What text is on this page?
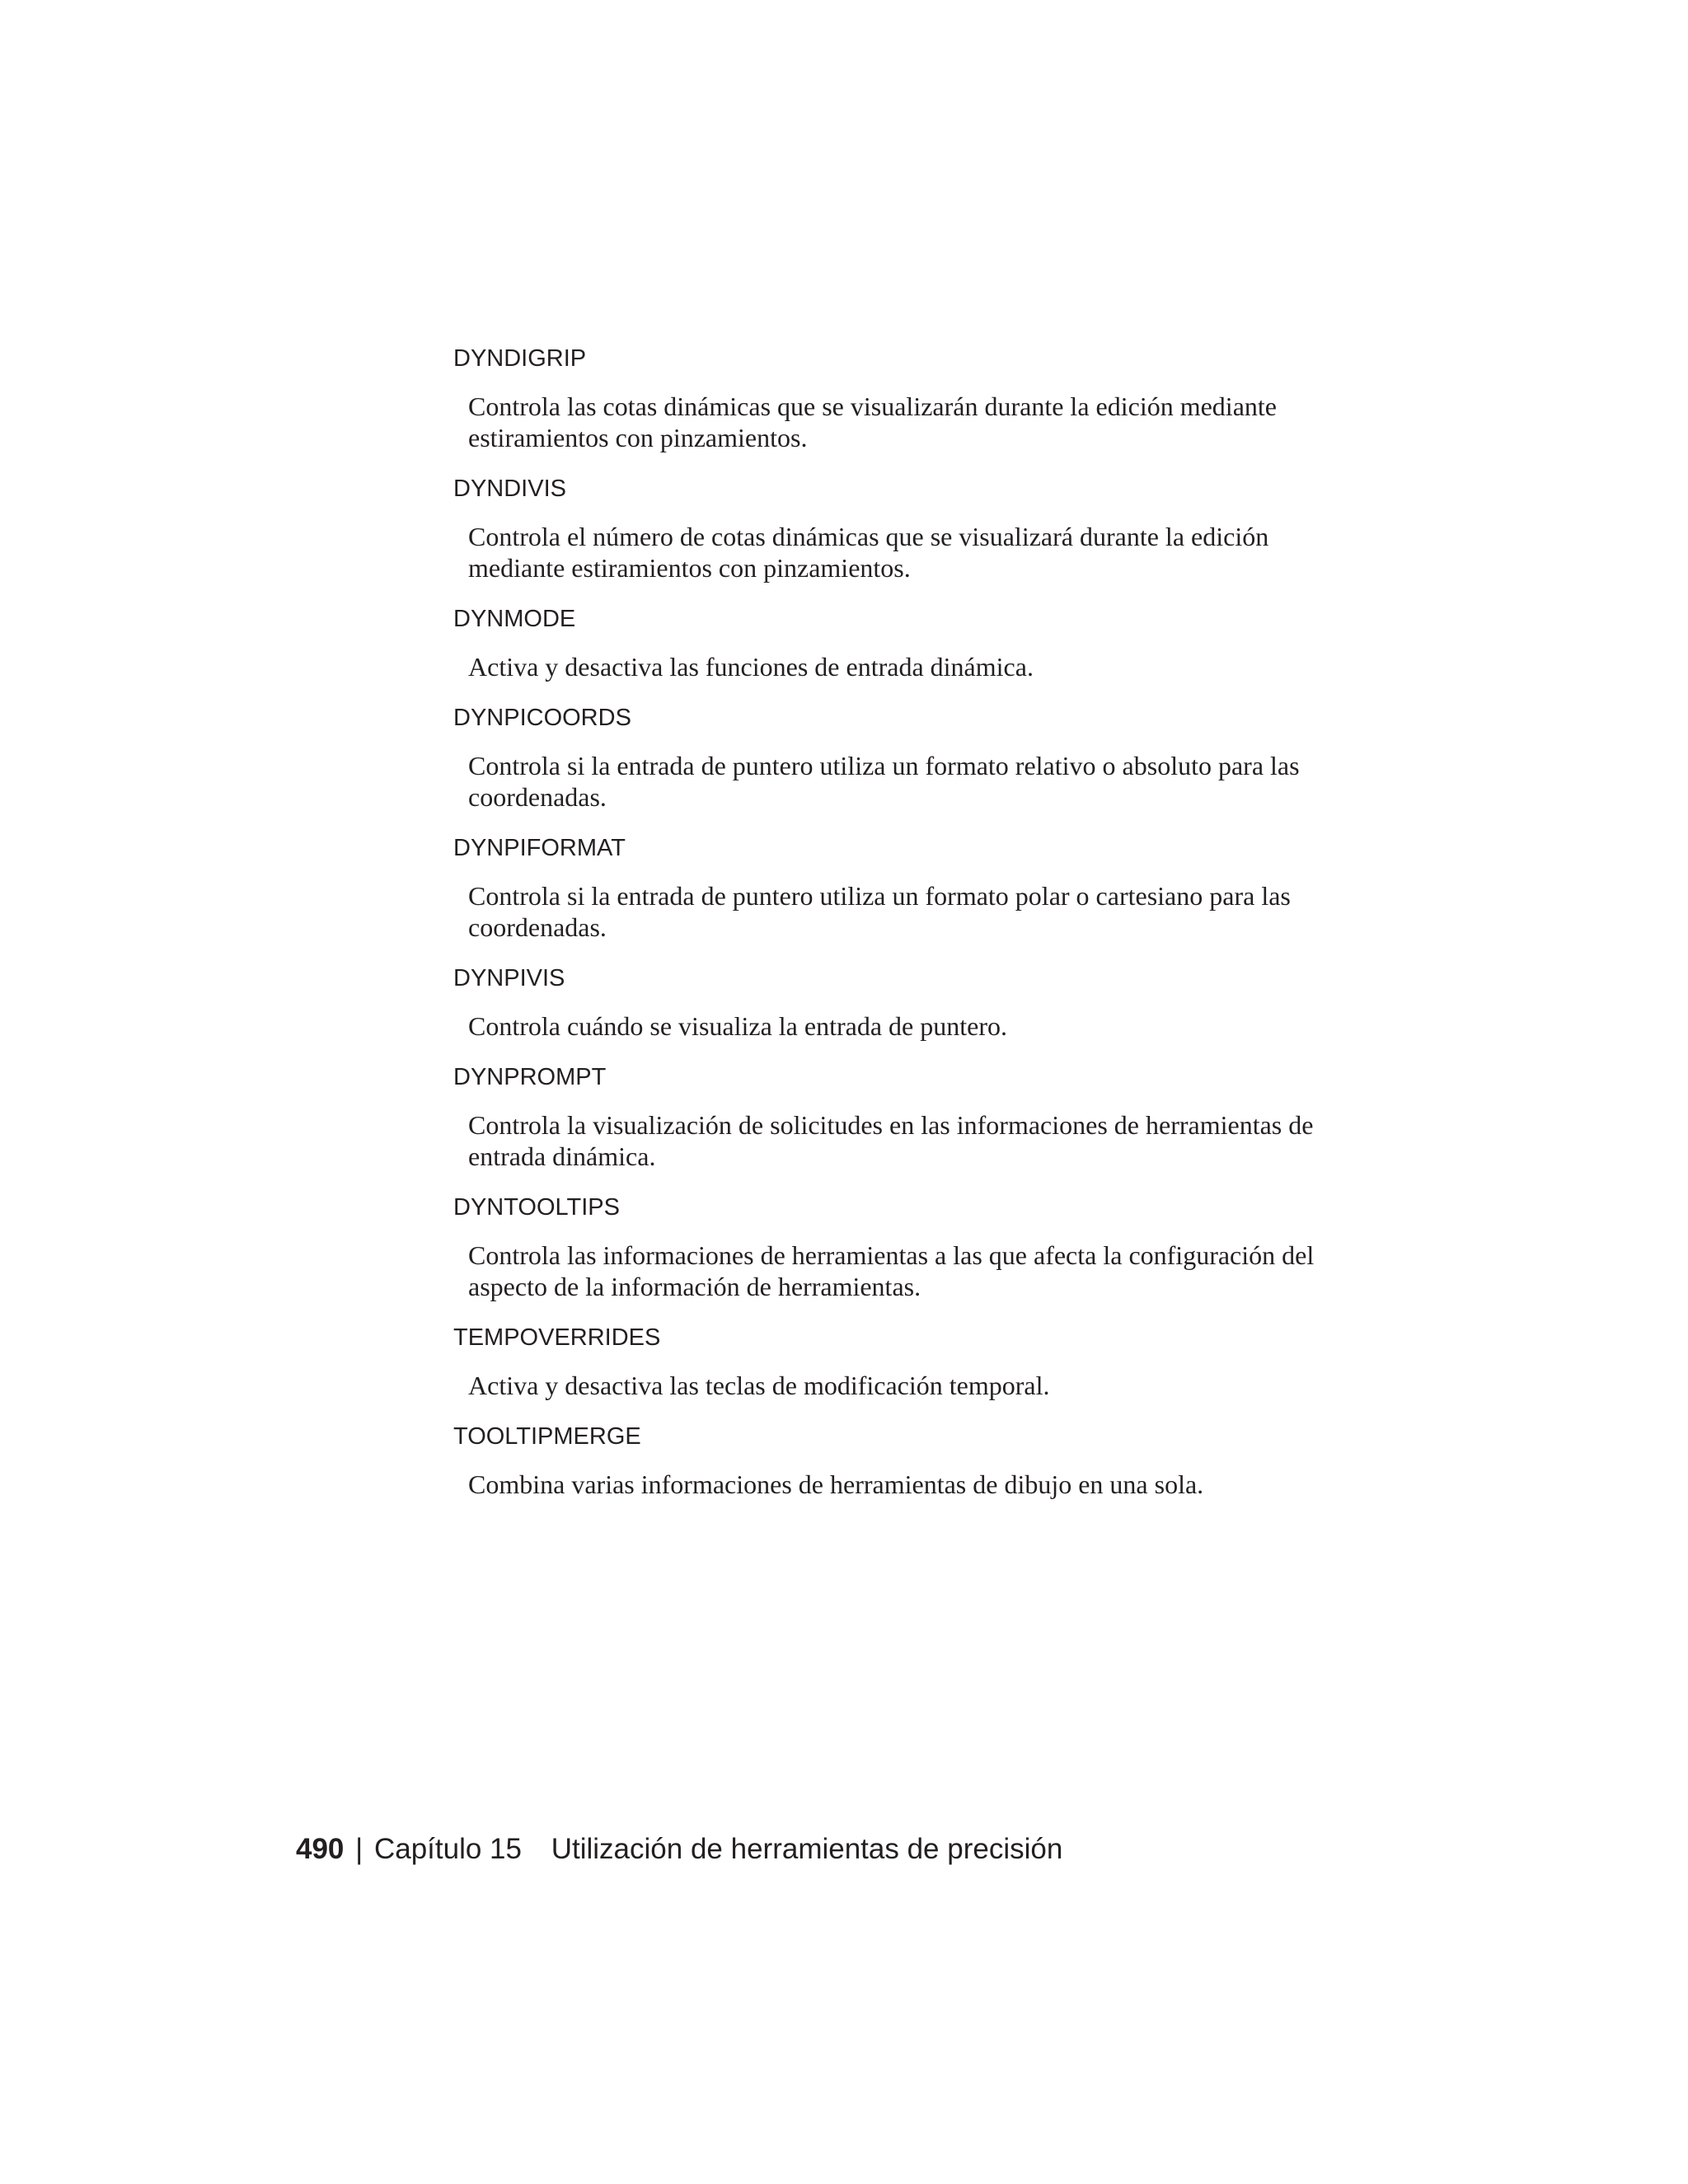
DYNDIGRIP
Controla las cotas dinámicas que se visualizarán durante la edición mediante estiramientos con pinzamientos.
DYNDIVIS
Controla el número de cotas dinámicas que se visualizará durante la edición mediante estiramientos con pinzamientos.
DYNMODE
Activa y desactiva las funciones de entrada dinámica.
DYNPICOORDS
Controla si la entrada de puntero utiliza un formato relativo o absoluto para las coordenadas.
DYNPIFORMAT
Controla si la entrada de puntero utiliza un formato polar o cartesiano para las coordenadas.
DYNPIVIS
Controla cuándo se visualiza la entrada de puntero.
DYNPROMPT
Controla la visualización de solicitudes en las informaciones de herramientas de entrada dinámica.
DYNTOOLTIPS
Controla las informaciones de herramientas a las que afecta la configuración del aspecto de la información de herramientas.
TEMPOVERRIDES
Activa y desactiva las teclas de modificación temporal.
TOOLTIPMERGE
Combina varias informaciones de herramientas de dibujo en una sola.
490 | Capítulo 15 Utilización de herramientas de precisión
